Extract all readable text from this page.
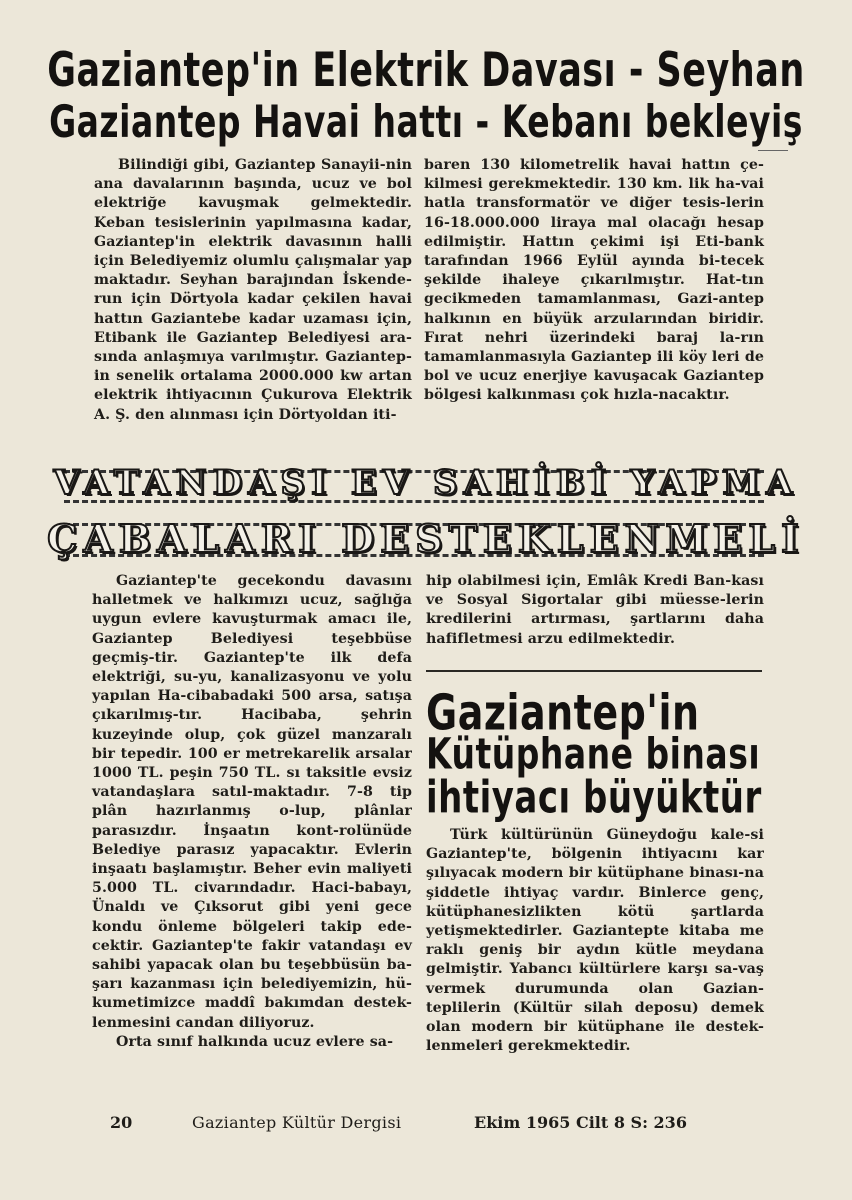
Gaziantep'in Elektrik Davası - Seyhan
Gaziantep Havai hattı - Kebanı bekleyiş

Bilindiği gibi, Gaziantep Sanayii-nin ana davalarının başında, ucuz ve bol elektriğe kavuşmak gelmektedir. Keban tesislerinin yapılmasına kadar, Gaziantep'in elektrik davasının halli için Belediyemiz olumlu çalışmalar yap maktadır. Seyhan barajından İskende-run için Dörtyola kadar çekilen havai hattın Gaziantebe kadar uzaması için, Etibank ile Gaziantep Belediyesi ara-sında anlaşmıya varılmıştır. Gaziantep-in senelik ortalama 2000.000 kw artan elektrik ihtiyacının Çukurova Elektrik A. Ş. den alınması için Dörtyoldan iti-

baren 130 kilometrelik havai hattın çe-kilmesi gerekmektedir. 130 km. lik ha-vai hatla transformatör ve diğer tesis-lerin 16-18.000.000 liraya mal olacağı hesap edilmiştir. Hattın çekimi işi Eti-bank tarafından 1966 Eylül ayında bi-tecek şekilde ihaleye çıkarılmıştır. Hat-tın gecikmeden tamamlanması, Gazi-antep halkının en büyük arzularından biridir. Fırat nehri üzerindeki baraj la-rın tamamlanmasıyla Gaziantep ili köy leri de bol ve ucuz enerjiye kavuşacak Gaziantep bölgesi kalkınması çok hızla-nacaktır.

VATANDAŞI EV SAHİBİ YAPMA
ÇABALARI DESTEKLENMELİ

Gaziantep'te gecekondu davasını halletmek ve halkımızı ucuz, sağlığa uygun evlere kavuşturmak amacı ile, Gaziantep Belediyesi teşebbüse geçmiş-tir. Gaziantep'te ilk defa elektriği, su-yu, kanalizasyonu ve yolu yapılan Ha-cibabadaki 500 arsa, satışa çıkarılmış-tır. Hacibaba, şehrin kuzeyinde olup, çok güzel manzaralı bir tepedir. 100 er metrekarelik arsalar 1000 TL. peşin 750 TL. sı taksitle evsiz vatandaşlara satıl-maktadır. 7-8 tip plân hazırlanmış o-lup, plânlar parasızdır. İnşaatın kont-rolünüde Belediye parasız yapacaktır. Evlerin inşaatı başlamıştır. Beher evin maliyeti 5.000 TL. civarındadır. Haci-babayı, Ünaldı ve Çıksorut gibi yeni gece kondu önleme bölgeleri takip ede-cektir. Gaziantep'te fakir vatandaşı ev sahibi yapacak olan bu teşebbüsün ba-şarı kazanması için belediyemizin, hü-kumetimizce maddî bakımdan destek-lenmesini candan diliyoruz.

Orta sınıf halkında ucuz evlere sa-

hip olabilmesi için, Emlâk Kredi Ban-kası ve Sosyal Sigortalar gibi müesse-lerin kredilerini artırması, şartlarını daha hafifletmesi arzu edilmektedir.

Gaziantep'in
Kütüphane binası
ihtiyacı büyüktür

Türk kültürünün Güneydoğu kale-si Gaziantep'te, bölgenin ihtiyacını kar şılıyacak modern bir kütüphane binası-na şiddetle ihtiyaç vardır. Binlerce genç, kütüphanesizlikten kötü şartlarda yetişmektedirler. Gaziantepte kitaba me raklı geniş bir aydın kütle meydana gelmiştir. Yabancı kültürlere karşı sa-vaş vermek durumunda olan Gazian-teplilerin (Kültür silah deposu) demek olan modern bir kütüphane ile destek-lenmeleri gerekmektedir.

20	Gaziantep Kültür Dergisi	Ekim 1965 Cilt 8 S: 236
